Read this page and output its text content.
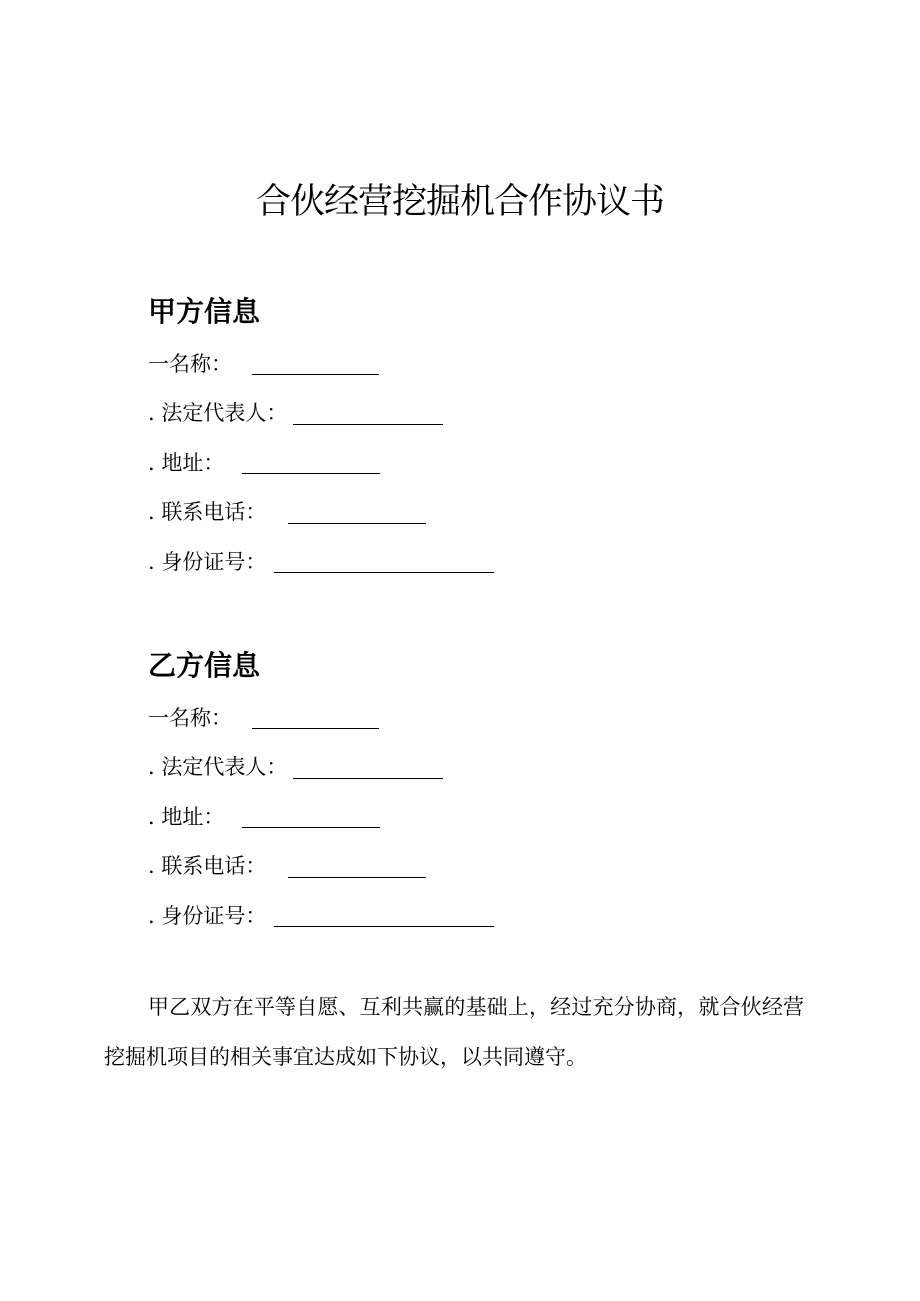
合伙经营挖掘机合作协议书
甲方信息
一名称：
. 法定代表人：
. 地址：
. 联系电话：
. 身份证号：
乙方信息
一名称：
. 法定代表人：
. 地址：
. 联系电话：
. 身份证号：

甲乙双方在平等自愿、互利共赢的基础上，经过充分协商，就合伙经营挖掘机项目的相关事宜达成如下协议，以共同遵守。
